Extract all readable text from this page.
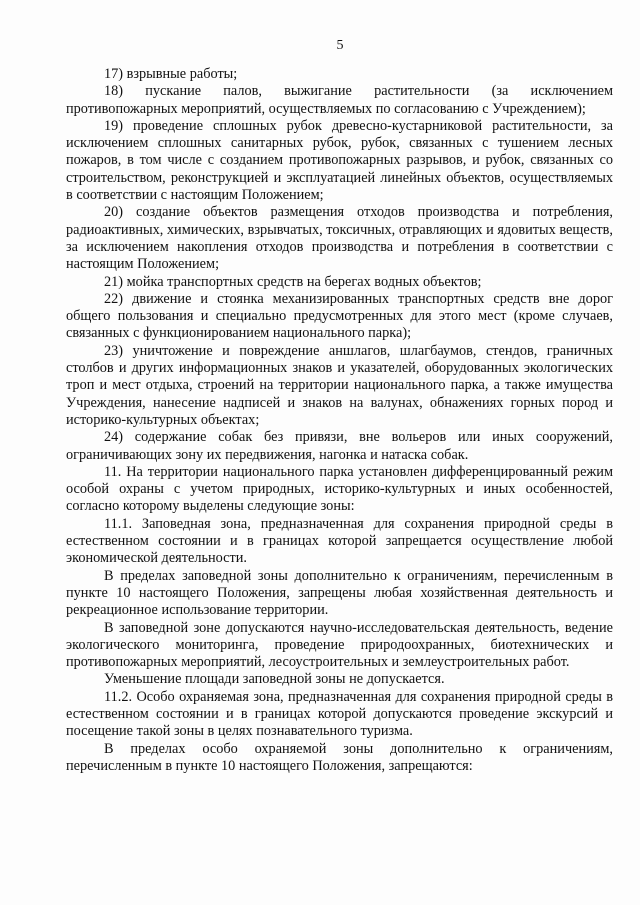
5

17) взрывные работы;

18) пускание палов, выжигание растительности (за исключением противопожарных мероприятий, осуществляемых по согласованию с Учреждением);

19) проведение сплошных рубок древесно-кустарниковой растительности, за исключением сплошных санитарных рубок, рубок, связанных с тушением лесных пожаров, в том числе с созданием противопожарных разрывов, и рубок, связанных со строительством, реконструкцией и эксплуатацией линейных объектов, осуществляемых в соответствии с настоящим Положением;

20) создание объектов размещения отходов производства и потребления, радиоактивных, химических, взрывчатых, токсичных, отравляющих и ядовитых веществ, за исключением накопления отходов производства и потребления в соответствии с настоящим Положением;

21) мойка транспортных средств на берегах водных объектов;

22) движение и стоянка механизированных транспортных средств вне дорог общего пользования и специально предусмотренных для этого мест (кроме случаев, связанных с функционированием национального парка);

23) уничтожение и повреждение аншлагов, шлагбаумов, стендов, граничных столбов и других информационных знаков и указателей, оборудованных экологических троп и мест отдыха, строений на территории национального парка, а также имущества Учреждения, нанесение надписей и знаков на валунах, обнажениях горных пород и историко-культурных объектах;

24) содержание собак без привязи, вне вольеров или иных сооружений, ограничивающих зону их передвижения, нагонка и натаска собак.

11. На территории национального парка установлен дифференцированный режим особой охраны с учетом природных, историко-культурных и иных особенностей, согласно которому выделены следующие зоны:

11.1. Заповедная зона, предназначенная для сохранения природной среды в естественном состоянии и в границах которой запрещается осуществление любой экономической деятельности.

В пределах заповедной зоны дополнительно к ограничениям, перечисленным в пункте 10 настоящего Положения, запрещены любая хозяйственная деятельность и рекреационное использование территории.

В заповедной зоне допускаются научно-исследовательская деятельность, ведение экологического мониторинга, проведение природоохранных, биотехнических и противопожарных мероприятий, лесоустроительных и землеустроительных работ.

Уменьшение площади заповедной зоны не допускается.

11.2. Особо охраняемая зона, предназначенная для сохранения природной среды в естественном состоянии и в границах которой допускаются проведение экскурсий и посещение такой зоны в целях познавательного туризма.

В пределах особо охраняемой зоны дополнительно к ограничениям, перечисленным в пункте 10 настоящего Положения, запрещаются:
